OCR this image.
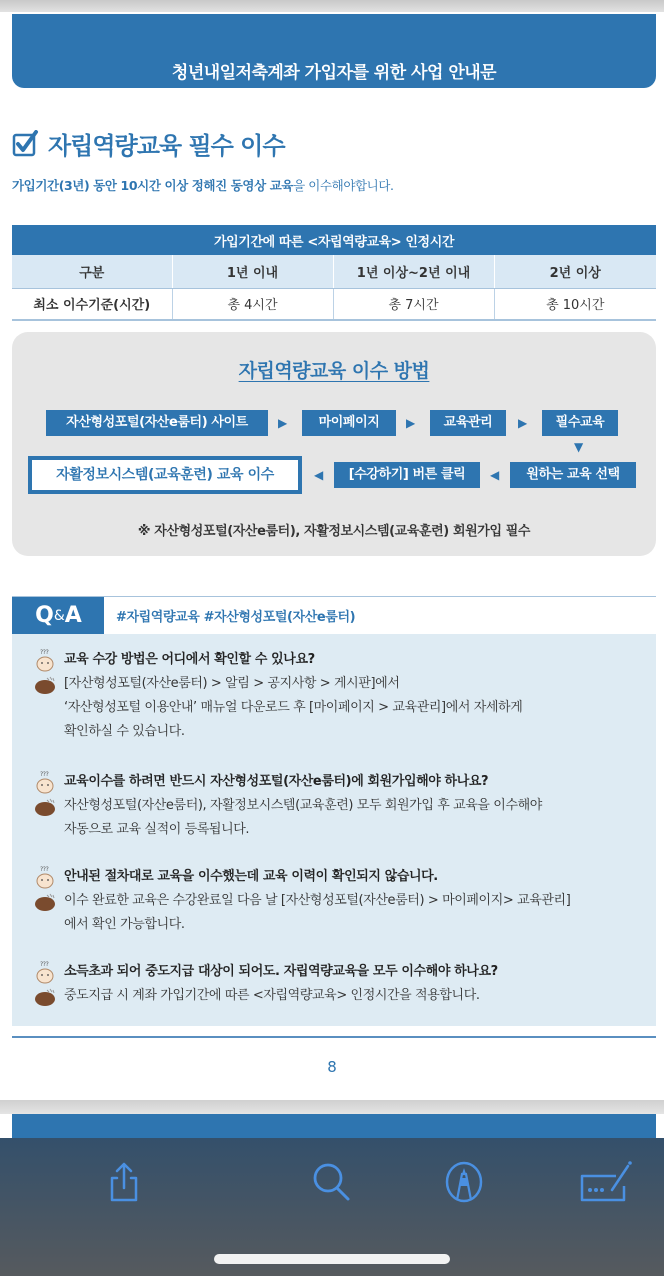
청년내일저축계좌 가입자를 위한 사업 안내문
자립역량교육 필수 이수
가입기간(3년) 동안 10시간 이상 정해진 동영상 교육을 이수해야합니다.
가입기간에 따른 <자립역량교육> 인정시간			
구분	1년 이내	1년 이상~2년 이내	2년 이상
최소 이수기준(시간)	총 4시간	총 7시간	총 10시간
자립역량교육 이수 방법
자산형성포털(자산e룸터) 사이트	▶	마이페이지	▶	교육관리	▶	필수교육
▼
원하는 교육 선택
◀
[수강하기] 버튼 클릭
◀
자활정보시스템(교육훈련) 교육 이수
※ 자산형성포털(자산e룸터), 자활정보시스템(교육훈련) 회원가입 필수
Q & A	#자립역량교육 #자산형성포털(자산e룸터)
??? 교육 수강 방법은 어디에서 확인할 수 있나요?
[자산형성포털(자산e룸터) > 알림 > 공지사항 > 게시판]에서
‘자산형성포털 이용안내’ 매뉴얼 다운로드 후 [마이페이지 > 교육관리]에서 자세하게
확인하실 수 있습니다.
??? 교육이수를 하려면 반드시 자산형성포털(자산e룸터)에 회원가입해야 하나요?
자산형성포털(자산e룸터), 자활정보시스템(교육훈련) 모두 회원가입 후 교육을 이수해야
자동으로 교육 실적이 등록됩니다.
??? 안내된 절차대로 교육을 이수했는데 교육 이력이 확인되지 않습니다.
이수 완료한 교육은 수강완료일 다음 날 [자산형성포털(자산e룸터) > 마이페이지> 교육관리]
에서 확인 가능합니다.
??? 소득초과 되어 중도지급 대상이 되어도. 자립역량교육을 모두 이수해야 하나요?
중도지급 시 계좌 가입기간에 따른 <자립역량교육> 인정시간을 적용합니다.
8
